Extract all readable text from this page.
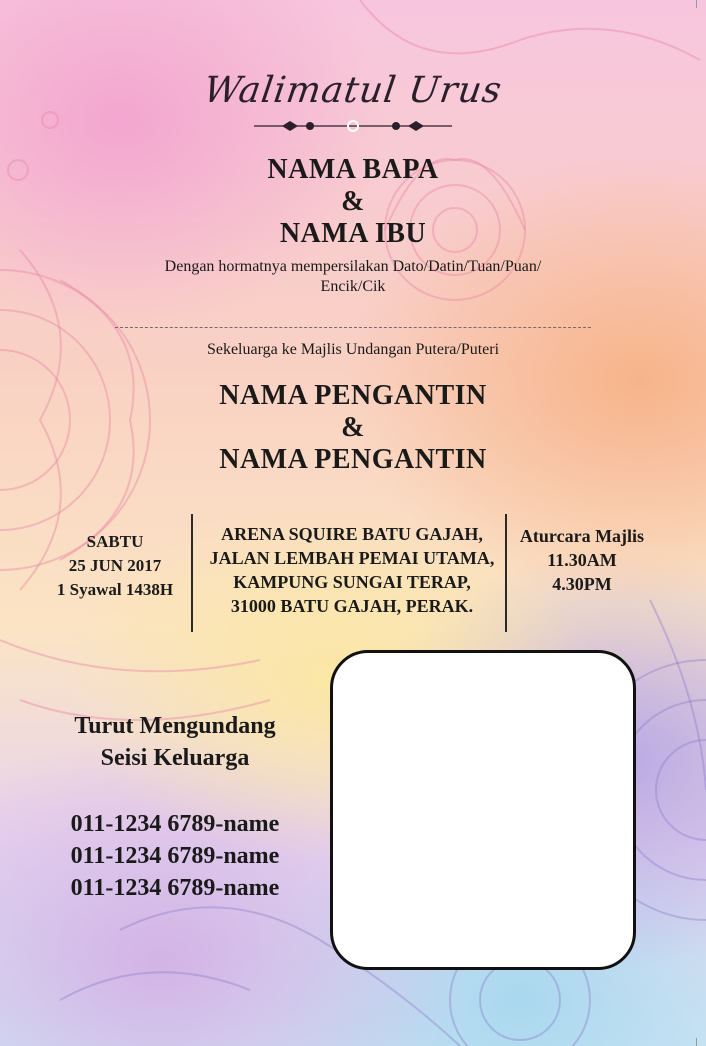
Walimatul Urus
NAMA BAPA
&
NAMA IBU
Dengan hormatnya mempersilakan Dato/Datin/Tuan/Puan/
Encik/Cik
Sekeluarga ke Majlis Undangan Putera/Puteri
NAMA PENGANTIN
&
NAMA PENGANTIN
SABTU
25 JUN 2017
1 Syawal 1438H
ARENA SQUIRE BATU GAJAH,
JALAN LEMBAH PEMAI UTAMA,
KAMPUNG SUNGAI TERAP,
31000 BATU GAJAH, PERAK.
Aturcara Majlis
11.30AM
4.30PM
Turut Mengundang
Seisi Keluarga
011-1234 6789-name
011-1234 6789-name
011-1234 6789-name
